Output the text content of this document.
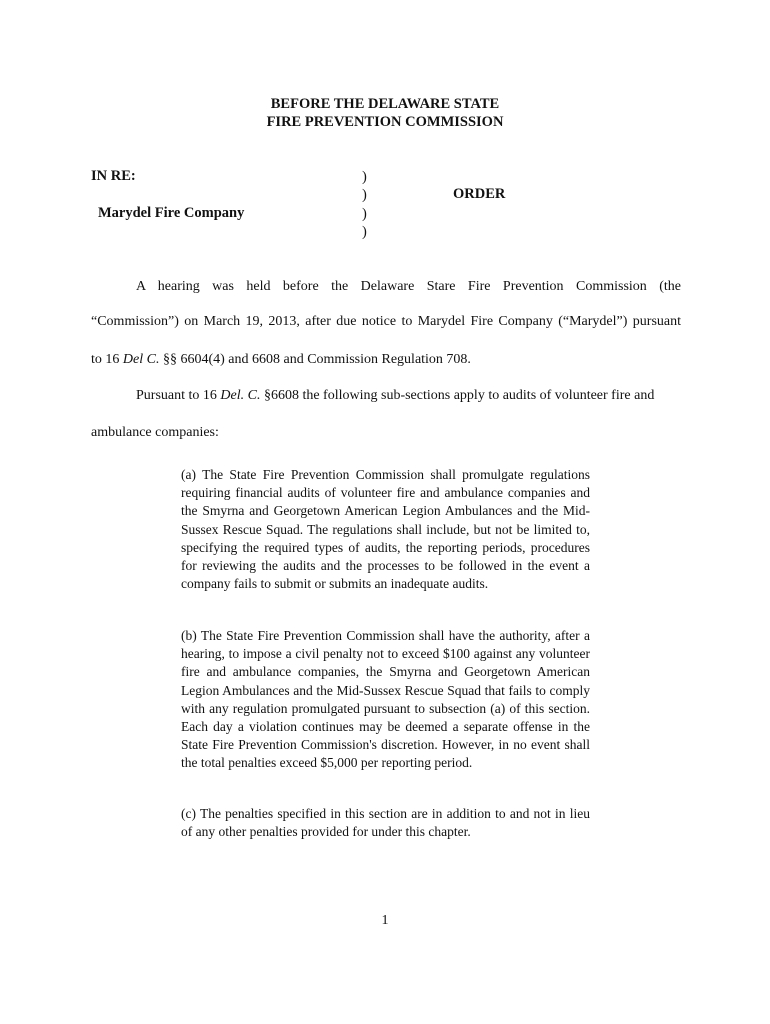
BEFORE THE DELAWARE STATE
FIRE PREVENTION COMMISSION
IN RE:
Marydel Fire Company
)
)
)
)
ORDER
A hearing was held before the Delaware Stare Fire Prevention Commission (the
“Commission”) on March 19, 2013, after due notice to Marydel Fire Company (“Marydel”) pursuant
to 16 Del C. §§ 6604(4) and 6608 and Commission Regulation 708.
Pursuant to 16 Del. C. §6608 the following sub-sections apply to audits of volunteer fire and
ambulance companies:
(a) The State Fire Prevention Commission shall promulgate regulations requiring financial audits of volunteer fire and ambulance companies and the Smyrna and Georgetown American Legion Ambulances and the Mid-Sussex Rescue Squad. The regulations shall include, but not be limited to, specifying the required types of audits, the reporting periods, procedures for reviewing the audits and the processes to be followed in the event a company fails to submit or submits an inadequate audits.
(b) The State Fire Prevention Commission shall have the authority, after a hearing, to impose a civil penalty not to exceed $100 against any volunteer fire and ambulance companies, the Smyrna and Georgetown American Legion Ambulances and the Mid-Sussex Rescue Squad that fails to comply with any regulation promulgated pursuant to subsection (a) of this section. Each day a violation continues may be deemed a separate offense in the State Fire Prevention Commission's discretion. However, in no event shall the total penalties exceed $5,000 per reporting period.
(c) The penalties specified in this section are in addition to and not in lieu of any other penalties provided for under this chapter.
1
